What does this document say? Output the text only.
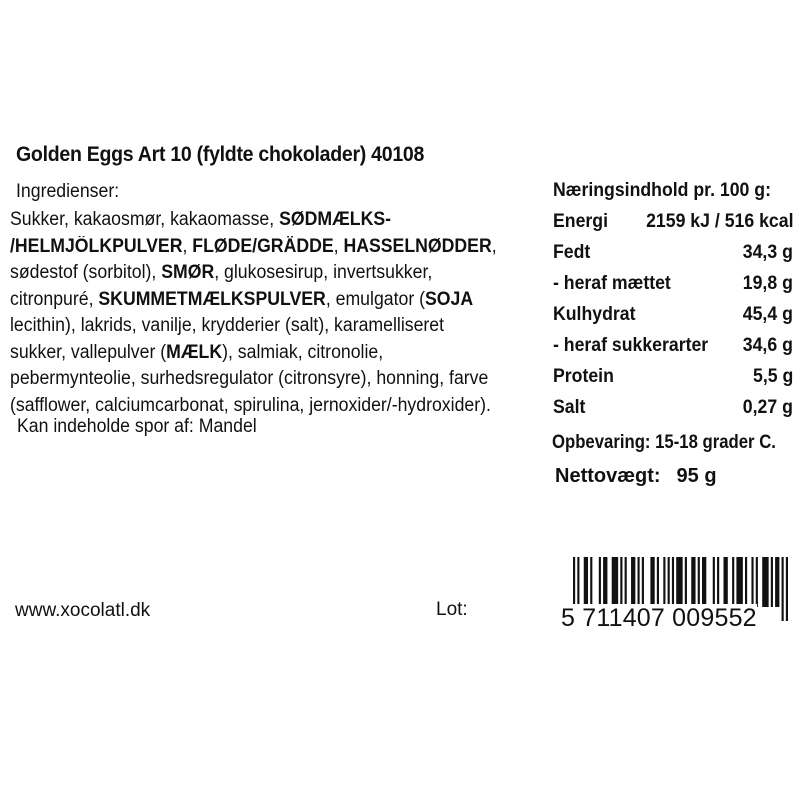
Golden Eggs Art 10 (fyldte chokolader) 40108
Ingredienser:
Sukker, kakaosmør, kakaomasse, SØDMÆLKS-
/HELMJÖLKPULVER, FLØDE/GRÄDDE, HASSELNØDDER,
sødestof (sorbitol), SMØR, glukosesirup, invertsukker,
citronpuré, SKUMMETMÆLKSPULVER, emulgator (SOJA
lecithin), lakrids, vanilje, krydderier (salt), karamelliseret
sukker, vallepulver (MÆLK), salmiak, citronolie,
pebermynteolie, surhedsregulator (citronsyre), honning, farve
(safflower, calciumcarbonat, spirulina, jernoxider/-hydroxider).
Kan indeholde spor af: Mandel
Næringsindhold pr. 100 g:
Energi 2159 kJ / 516 kcal
Fedt	34,3 g
- heraf mættet	19,8 g
Kulhydrat	45,4 g
- heraf sukkerarter 34,6 g
Protein	5,5 g
Salt	0,27 g
Opbevaring: 15-18 grader C.
Nettovægt: 95 g
www.xocolatl.dk	Lot:	5 711407 009552
